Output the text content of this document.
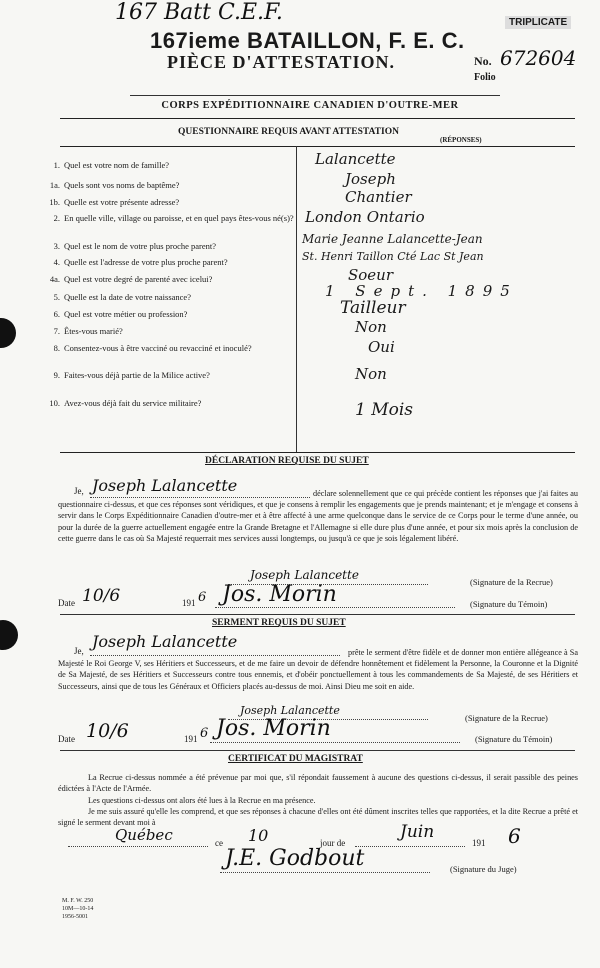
167 Batt C.E.F.
167ieme BATAILLON, F. E. C.
PIÈCE D'ATTESTATION.
TRIPLICATE
No. 672604
Folio
CORPS EXPÉDITIONNAIRE CANADIEN D'OUTRE-MER
QUESTIONNAIRE REQUIS AVANT ATTESTATION
(RÉPONSES)
1. Quel est votre nom de famille?	Lalancette
1a. Quels sont vos noms de baptême?	Joseph
1b. Quelle est votre présente adresse?	Chantier
2. En quelle ville, village ou paroisse, et en quel pays êtes-vous né(s)? London Ontario
3. Quel est le nom de votre plus proche parent?	Marie Jeanne Lalancette-Jean
4. Quelle est l'adresse de votre plus proche parent?	St. Henri Taillon Cté Lac St Jean
4a. Quel est votre degré de parenté avec icelui?	Soeur
5. Quelle est la date de votre naissance?	1 Sept. 1895
6. Quel est votre métier ou profession?	Tailleur
7. Êtes-vous marié?	Non
8. Consentez-vous à être vacciné ou revacciné et inoculé?	Oui
9. Faites-vous déjà partie de la Milice active?	Non
10. Avez-vous déjà fait du service militaire?	1 Mois
DÉCLARATION REQUISE DU SUJET
Je, Joseph Lalancette	déclare solennellement que ce qui précède contient les réponses que j'ai faites au questionnaire ci-dessus, et que ces réponses sont véridiques, et que je consens à remplir les engagements que je prends maintenant; et je m'engage et consens à servir dans le Corps Expéditionnaire Canadien d'outre-mer et à être affecté à une arme quelconque dans le service de ce Corps pour le terme d'une année, ou pour la durée de la guerre actuellement engagée entre la Grande Bretagne et l'Allemagne si elle dure plus d'une année, et pour six mois après la conclusion de cette guerre dans le cas où Sa Majesté requerrait mes services aussi longtemps, ou jusqu'à ce que je sois légalement libéré.
Joseph Lalancette	(Signature de la Recrue)
Date 10/6	191 6 Jos. Morin	(Signature du Témoin)
SERMENT REQUIS DU SUJET
Je, Joseph Lalancette
prête le serment d'être fidèle et de donner mon entière allégeance à Sa Majesté le Roi George V, ses Héritiers et Successeurs, et de me faire un devoir de défendre honnêtement et fidèlement la Personne, la Couronne et la Dignité de Sa Majesté, de ses Héritiers et Successeurs contre tous ennemis, et d'obéir ponctuellement à tous les commandements de Sa Majesté, de ses Héritiers et Successeurs, ainsi que de tous les Généraux et Officiers placés au-dessus de moi. Ainsi Dieu me soit en aide.
Joseph Lalancette
(Signature de la Recrue)
Date 10/6	191 6 Jos. Morin	(Signature du Témoin)
CERTIFICAT DU MAGISTRAT
La Recrue ci-dessus nommée a été prévenue par moi que, s'il répondait faussement à aucune des questions ci-dessus, il serait passible des peines édictées à l'Acte de l'Armée.
Les questions ci-dessus ont alors été lues à la Recrue en ma présence.
Je me suis assuré qu'elle les comprend, et que ses réponses à chacune d'elles ont été dûment inscrites telles que rapportées, et la dite Recrue a prêté et signé le serment devant moi à
Québec	ce 10	jour de
Juin
191 6
J.E. Godbout	(Signature du Juge)
M. F. W. 250
10M—10-14
1956-5001
